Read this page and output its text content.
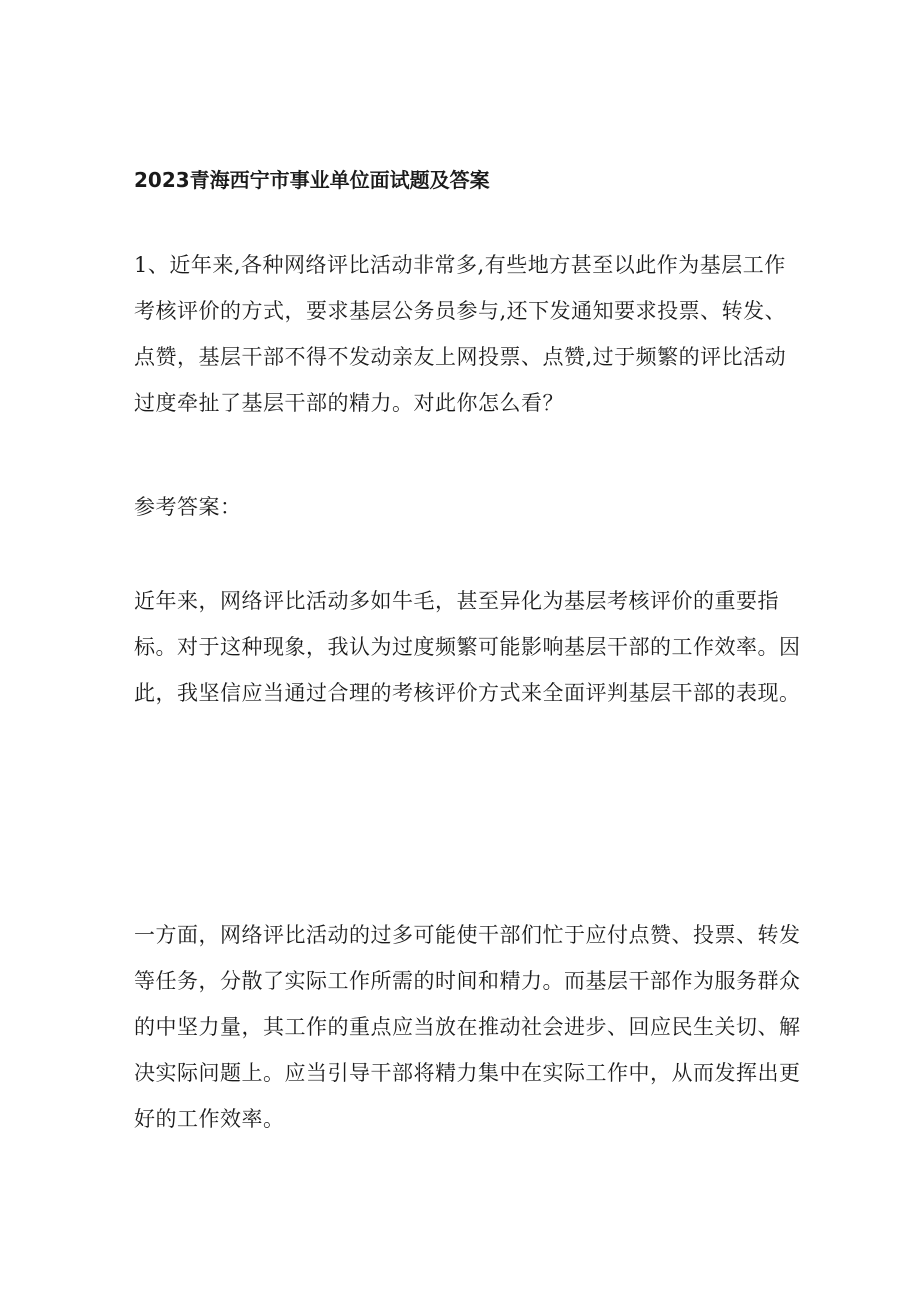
2023青海西宁市事业单位面试题及答案

1、近年来,各种网络评比活动非常多,有些地方甚至以此作为基层工作考核评价的方式，要求基层公务员参与,还下发通知要求投票、转发、点赞，基层干部不得不发动亲友上网投票、点赞,过于频繁的评比活动过度牵扯了基层干部的精力。对此你怎么看？

参考答案：

近年来，网络评比活动多如牛毛，甚至异化为基层考核评价的重要指标。对于这种现象，我认为过度频繁可能影响基层干部的工作效率。因此，我坚信应当通过合理的考核评价方式来全面评判基层干部的表现。

一方面，网络评比活动的过多可能使干部们忙于应付点赞、投票、转发等任务，分散了实际工作所需的时间和精力。而基层干部作为服务群众的中坚力量，其工作的重点应当放在推动社会进步、回应民生关切、解决实际问题上。应当引导干部将精力集中在实际工作中，从而发挥出更好的工作效率。
